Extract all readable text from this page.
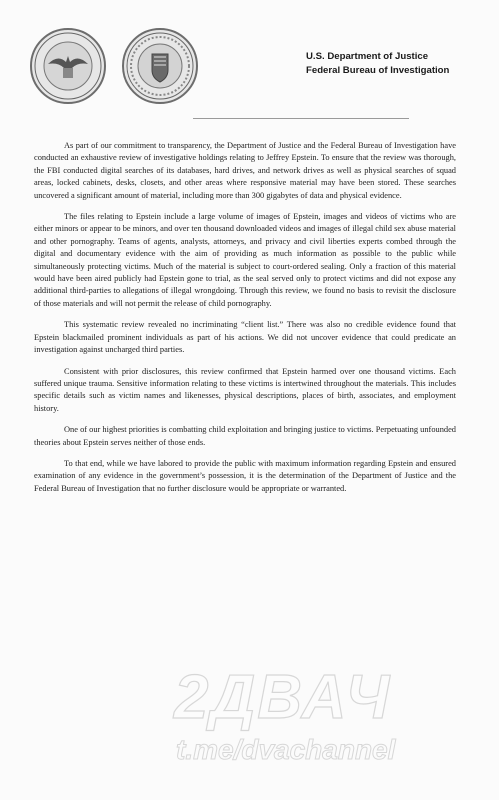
U.S. Department of Justice
Federal Bureau of Investigation

As part of our commitment to transparency, the Department of Justice and the Federal Bureau of Investigation have conducted an exhaustive review of investigative holdings relating to Jeffrey Epstein. To ensure that the review was thorough, the FBI conducted digital searches of its databases, hard drives, and network drives as well as physical searches of squad areas, locked cabinets, desks, closets, and other areas where responsive material may have been stored. These searches uncovered a significant amount of material, including more than 300 gigabytes of data and physical evidence.

The files relating to Epstein include a large volume of images of Epstein, images and videos of victims who are either minors or appear to be minors, and over ten thousand downloaded videos and images of illegal child sex abuse material and other pornography. Teams of agents, analysts, attorneys, and privacy and civil liberties experts combed through the digital and documentary evidence with the aim of providing as much information as possible to the public while simultaneously protecting victims. Much of the material is subject to court-ordered sealing. Only a fraction of this material would have been aired publicly had Epstein gone to trial, as the seal served only to protect victims and did not expose any additional third-parties to allegations of illegal wrongdoing. Through this review, we found no basis to revisit the disclosure of those materials and will not permit the release of child pornography.

This systematic review revealed no incriminating “client list.” There was also no credible evidence found that Epstein blackmailed prominent individuals as part of his actions. We did not uncover evidence that could predicate an investigation against uncharged third parties.

Consistent with prior disclosures, this review confirmed that Epstein harmed over one thousand victims. Each suffered unique trauma. Sensitive information relating to these victims is intertwined throughout the materials. This includes specific details such as victim names and likenesses, physical descriptions, places of birth, associates, and employment history.

One of our highest priorities is combatting child exploitation and bringing justice to victims. Perpetuating unfounded theories about Epstein serves neither of those ends.

To that end, while we have labored to provide the public with maximum information regarding Epstein and ensured examination of any evidence in the government’s possession, it is the determination of the Department of Justice and the Federal Bureau of Investigation that no further disclosure would be appropriate or warranted.

2ДВАЧ
t.me/dvachannel
